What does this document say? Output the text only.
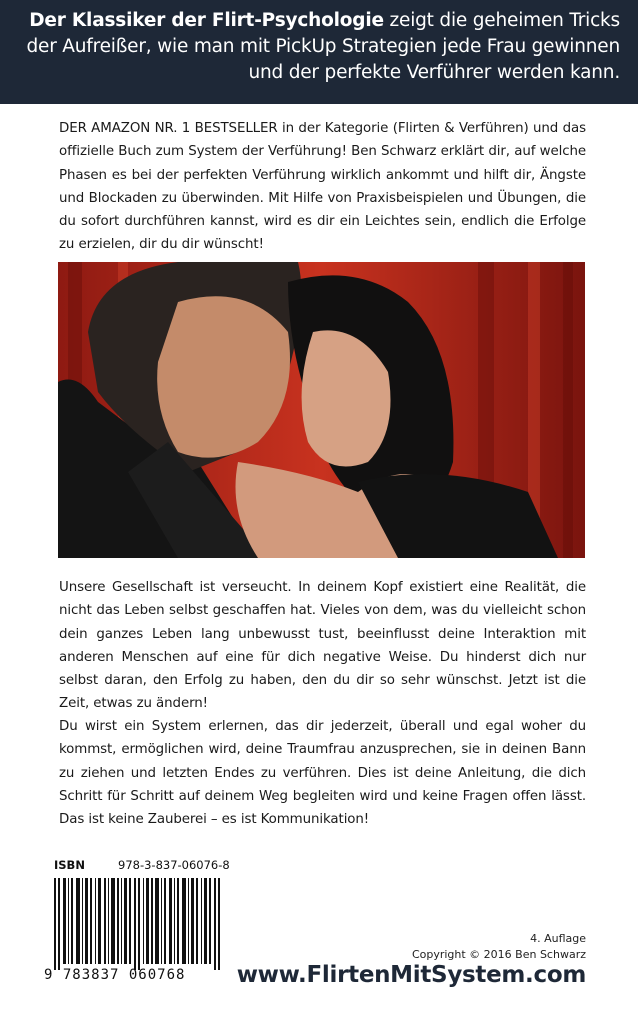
Der Klassiker der Flirt-Psychologie zeigt die geheimen Tricks der Aufreißer, wie man mit PickUp Strategien jede Frau gewinnen und der perfekte Verführer werden kann.
DER AMAZON NR. 1 BESTSELLER in der Kategorie (Flirten & Verführen) und das offizielle Buch zum System der Verführung! Ben Schwarz erklärt dir, auf welche Phasen es bei der perfekten Verführung wirklich ankommt und hilft dir, Ängste und Blockaden zu überwinden. Mit Hilfe von Praxisbeispielen und Übungen, die du sofort durchführen kannst, wird es dir ein Leichtes sein, endlich die Erfolge zu erzielen, dir du dir wünscht!
Unsere Gesellschaft ist verseucht. In deinem Kopf existiert eine Realität, die nicht das Leben selbst geschaffen hat. Vieles von dem, was du vielleicht schon dein ganzes Leben lang unbewusst tust, beeinflusst deine Interaktion mit anderen Menschen auf eine für dich negative Weise. Du hinderst dich nur selbst daran, den Erfolg zu haben, den du dir so sehr wünschst. Jetzt ist die Zeit, etwas zu ändern!
Du wirst ein System erlernen, das dir jederzeit, überall und egal woher du kommst, ermöglichen wird, deine Traumfrau anzusprechen, sie in deinen Bann zu ziehen und letzten Endes zu verführen. Dies ist deine Anleitung, die dich Schritt für Schritt auf deinem Weg begleiten wird und keine Fragen offen lässt. Das ist keine Zauberei – es ist Kommunikation!
ISBN	978-3-837-06076-8
9 783837 060768
4. Auflage
Copyright © 2016 Ben Schwarz
www.FlirtenMitSystem.com
